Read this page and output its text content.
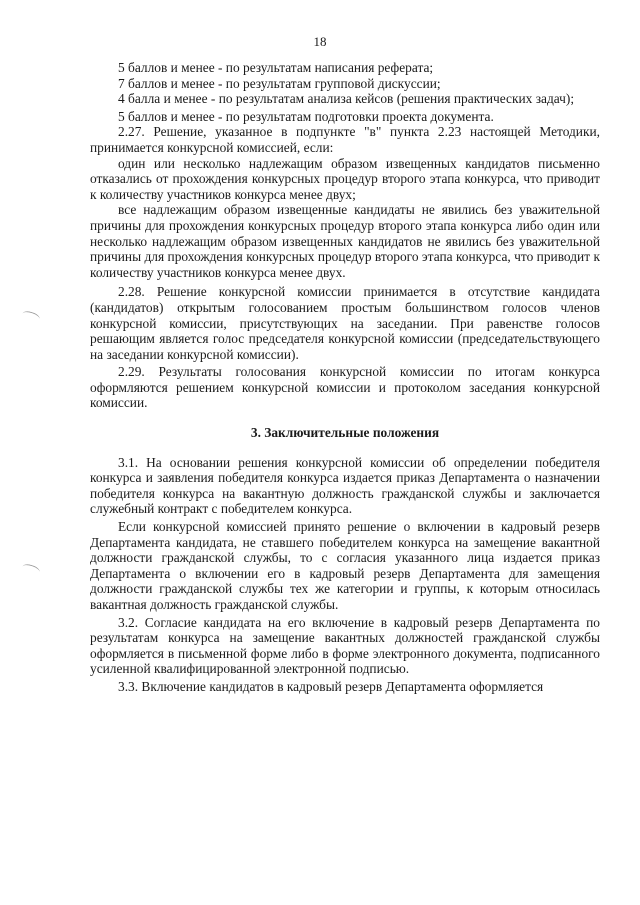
18

5 баллов и менее - по результатам написания реферата;

7 баллов и менее - по результатам групповой дискуссии;

4 балла и менее - по результатам анализа кейсов (решения практических задач);

5 баллов и менее - по результатам подготовки проекта документа.

2.27. Решение, указанное в подпункте "в" пункта 2.23 настоящей Методики, принимается конкурсной комиссией, если:

один или несколько надлежащим образом извещенных кандидатов письменно отказались от прохождения конкурсных процедур второго этапа конкурса, что приводит к количеству участников конкурса менее двух;

все надлежащим образом извещенные кандидаты не явились без уважительной причины для прохождения конкурсных процедур второго этапа конкурса либо один или несколько надлежащим образом извещенных кандидатов не явились без уважительной причины для прохождения конкурсных процедур второго этапа конкурса, что приводит к количеству участников конкурса менее двух.

2.28. Решение конкурсной комиссии принимается в отсутствие кандидата (кандидатов) открытым голосованием простым большинством голосов членов конкурсной комиссии, присутствующих на заседании. При равенстве голосов решающим является голос председателя конкурсной комиссии (председательствующего на заседании конкурсной комиссии).

2.29. Результаты голосования конкурсной комиссии по итогам конкурса оформляются решением конкурсной комиссии и протоколом заседания конкурсной комиссии.

3. Заключительные положения

3.1. На основании решения конкурсной комиссии об определении победителя конкурса и заявления победителя конкурса издается приказ Департамента о назначении победителя конкурса на вакантную должность гражданской службы и заключается служебный контракт с победителем конкурса.

Если конкурсной комиссией принято решение о включении в кадровый резерв Департамента кандидата, не ставшего победителем конкурса на замещение вакантной должности гражданской службы, то с согласия указанного лица издается приказ Департамента о включении его в кадровый резерв Департамента для замещения должности гражданской службы тех же категории и группы, к которым относилась вакантная должность гражданской службы.

3.2. Согласие кандидата на его включение в кадровый резерв Департамента по результатам конкурса на замещение вакантных должностей гражданской службы оформляется в письменной форме либо в форме электронного документа, подписанного усиленной квалифицированной электронной подписью.

3.3. Включение кандидатов в кадровый резерв Департамента оформляется
